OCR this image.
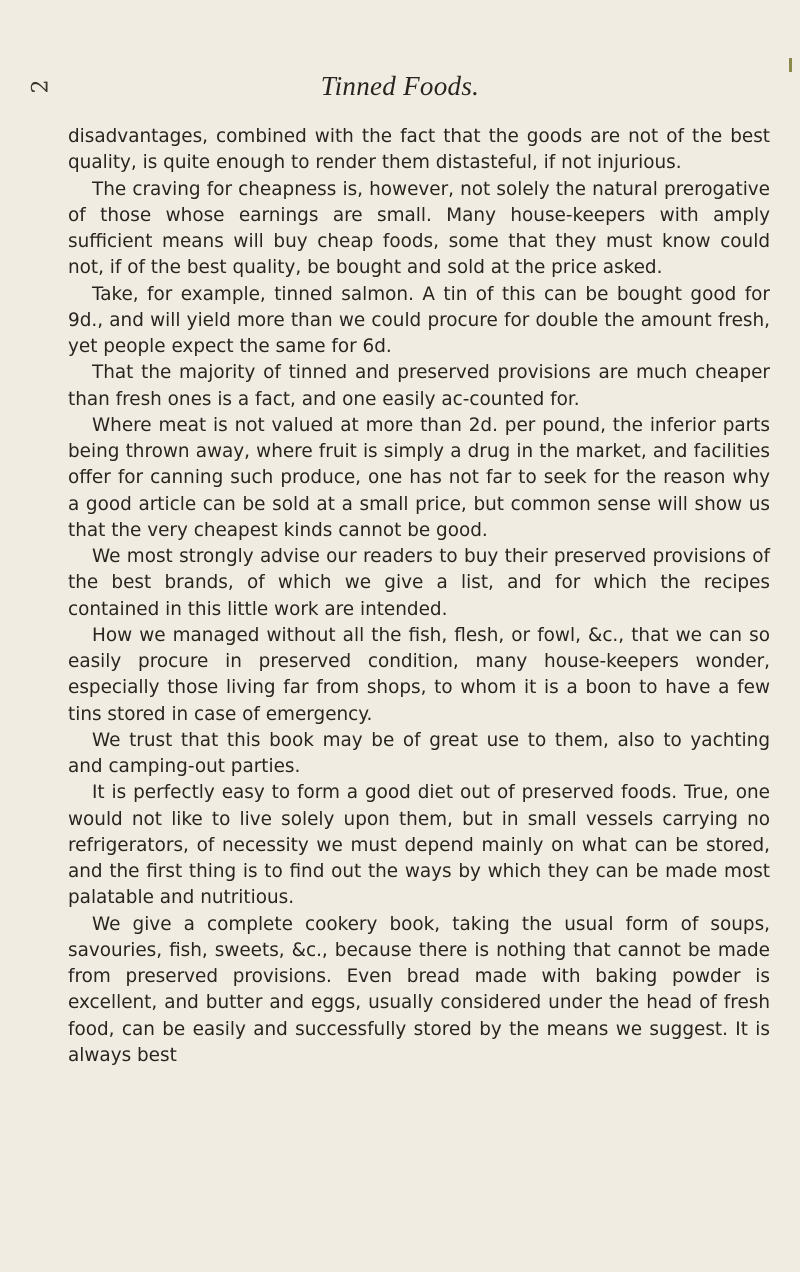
2	Tinned Foods.

disadvantages, combined with the fact that the goods are not of the best quality, is quite enough to render them distasteful, if not injurious.

The craving for cheapness is, however, not solely the natural prerogative of those whose earnings are small. Many house-keepers with amply sufficient means will buy cheap foods, some that they must know could not, if of the best quality, be bought and sold at the price asked.

Take, for example, tinned salmon. A tin of this can be bought good for 9d., and will yield more than we could procure for double the amount fresh, yet people expect the same for 6d.

That the majority of tinned and preserved provisions are much cheaper than fresh ones is a fact, and one easily ac-counted for.

Where meat is not valued at more than 2d. per pound, the inferior parts being thrown away, where fruit is simply a drug in the market, and facilities offer for canning such produce, one has not far to seek for the reason why a good article can be sold at a small price, but common sense will show us that the very cheapest kinds cannot be good.

We most strongly advise our readers to buy their preserved provisions of the best brands, of which we give a list, and for which the recipes contained in this little work are intended.

How we managed without all the fish, flesh, or fowl, &c., that we can so easily procure in preserved condition, many house-keepers wonder, especially those living far from shops, to whom it is a boon to have a few tins stored in case of emergency.

We trust that this book may be of great use to them, also to yachting and camping-out parties.

It is perfectly easy to form a good diet out of preserved foods. True, one would not like to live solely upon them, but in small vessels carrying no refrigerators, of necessity we must depend mainly on what can be stored, and the first thing is to find out the ways by which they can be made most palatable and nutritious.

We give a complete cookery book, taking the usual form of soups, savouries, fish, sweets, &c., because there is nothing that cannot be made from preserved provisions. Even bread made with baking powder is excellent, and butter and eggs, usually considered under the head of fresh food, can be easily and successfully stored by the means we suggest. It is always best
